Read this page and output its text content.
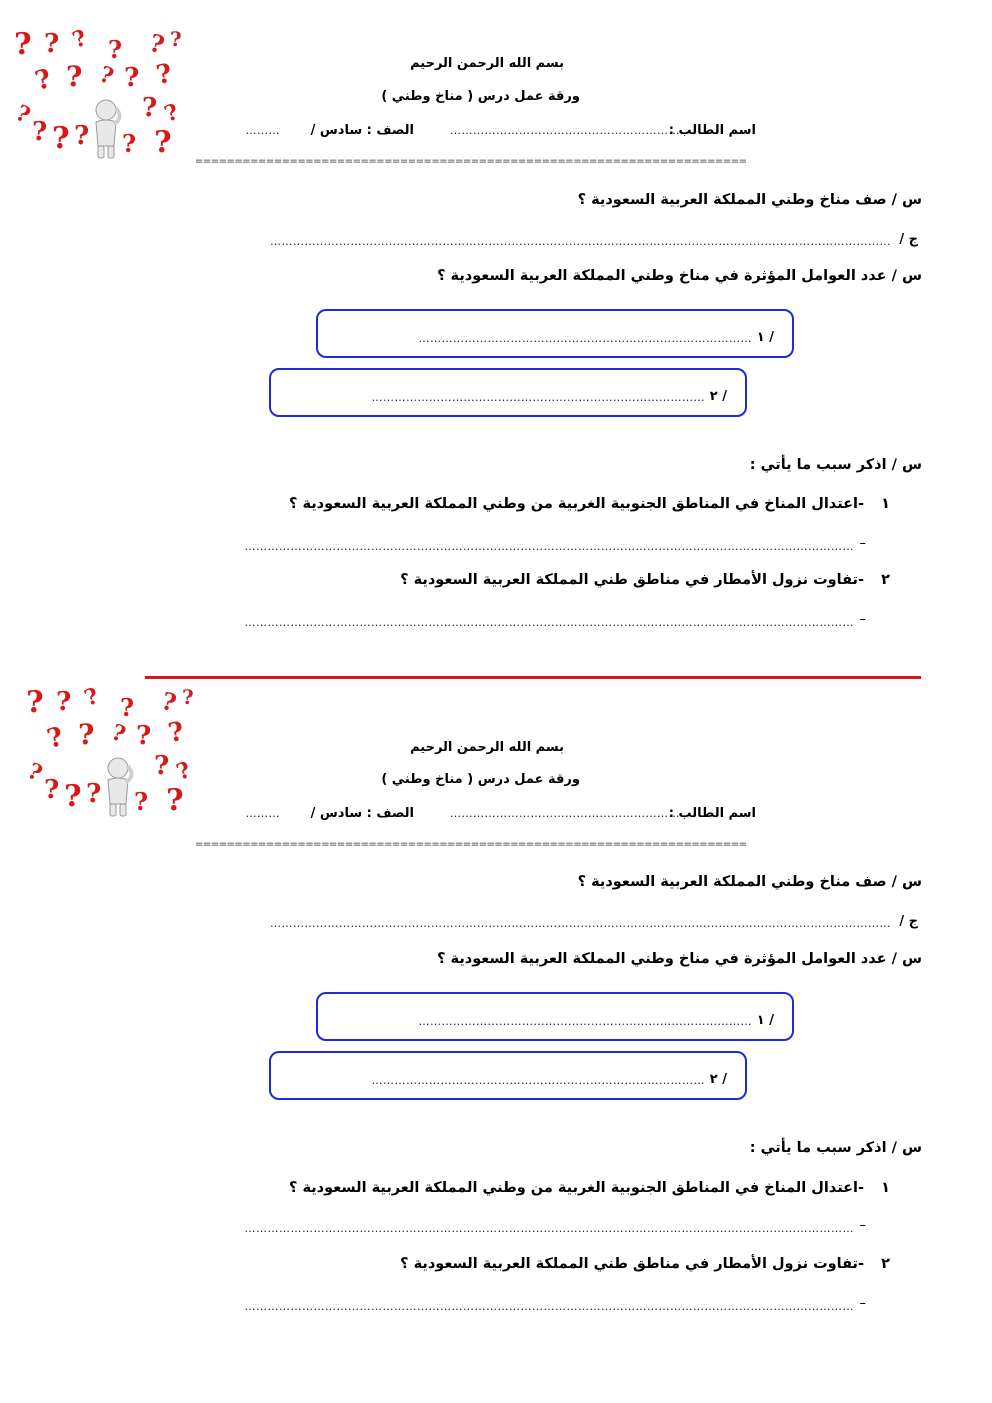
? ? ? ? ? ?
? ? ? ? ?
?
?
? ?
? ? ? ?
بسم الله الرحمن الرحيم
ورقة عمل درس ( مناخ وطني )
اسم الطالب :
……………………………………………………
الصف : سادس /
………
======================================================================
س / صف مناخ وطني المملكة العربية السعودية ؟
ج /
………………………………………………………………………………………………………………………………………………
س / عدد العوامل المؤثرة في مناخ وطني المملكة العربية السعودية ؟
١ /
……………………………………………………………………………
٢ /
……………………………………………………………………………
س / اذكر سبب ما يأتي :
١
-اعتدال المناخ في المناطق الجنوبية الغربية من وطني المملكة العربية السعودية ؟
–
……………………………………………………………………………………………………………………………………………
٢
-تفاوت نزول الأمطار في مناطق طني المملكة العربية السعودية ؟
–
……………………………………………………………………………………………………………………………………………
? ? ? ? ? ?
? ? ? ? ?
?
?
? ?
? ? ? ?
بسم الله الرحمن الرحيم
ورقة عمل درس ( مناخ وطني )
اسم الطالب :
……………………………………………………
الصف : سادس /
………
======================================================================
س / صف مناخ وطني المملكة العربية السعودية ؟
ج /
………………………………………………………………………………………………………………………………………………
س / عدد العوامل المؤثرة في مناخ وطني المملكة العربية السعودية ؟
١ /
……………………………………………………………………………
٢ /
……………………………………………………………………………
س / اذكر سبب ما يأتي :
١
-اعتدال المناخ في المناطق الجنوبية الغربية من وطني المملكة العربية السعودية ؟
–
……………………………………………………………………………………………………………………………………………
٢
-تفاوت نزول الأمطار في مناطق طني المملكة العربية السعودية ؟
–
……………………………………………………………………………………………………………………………………………
